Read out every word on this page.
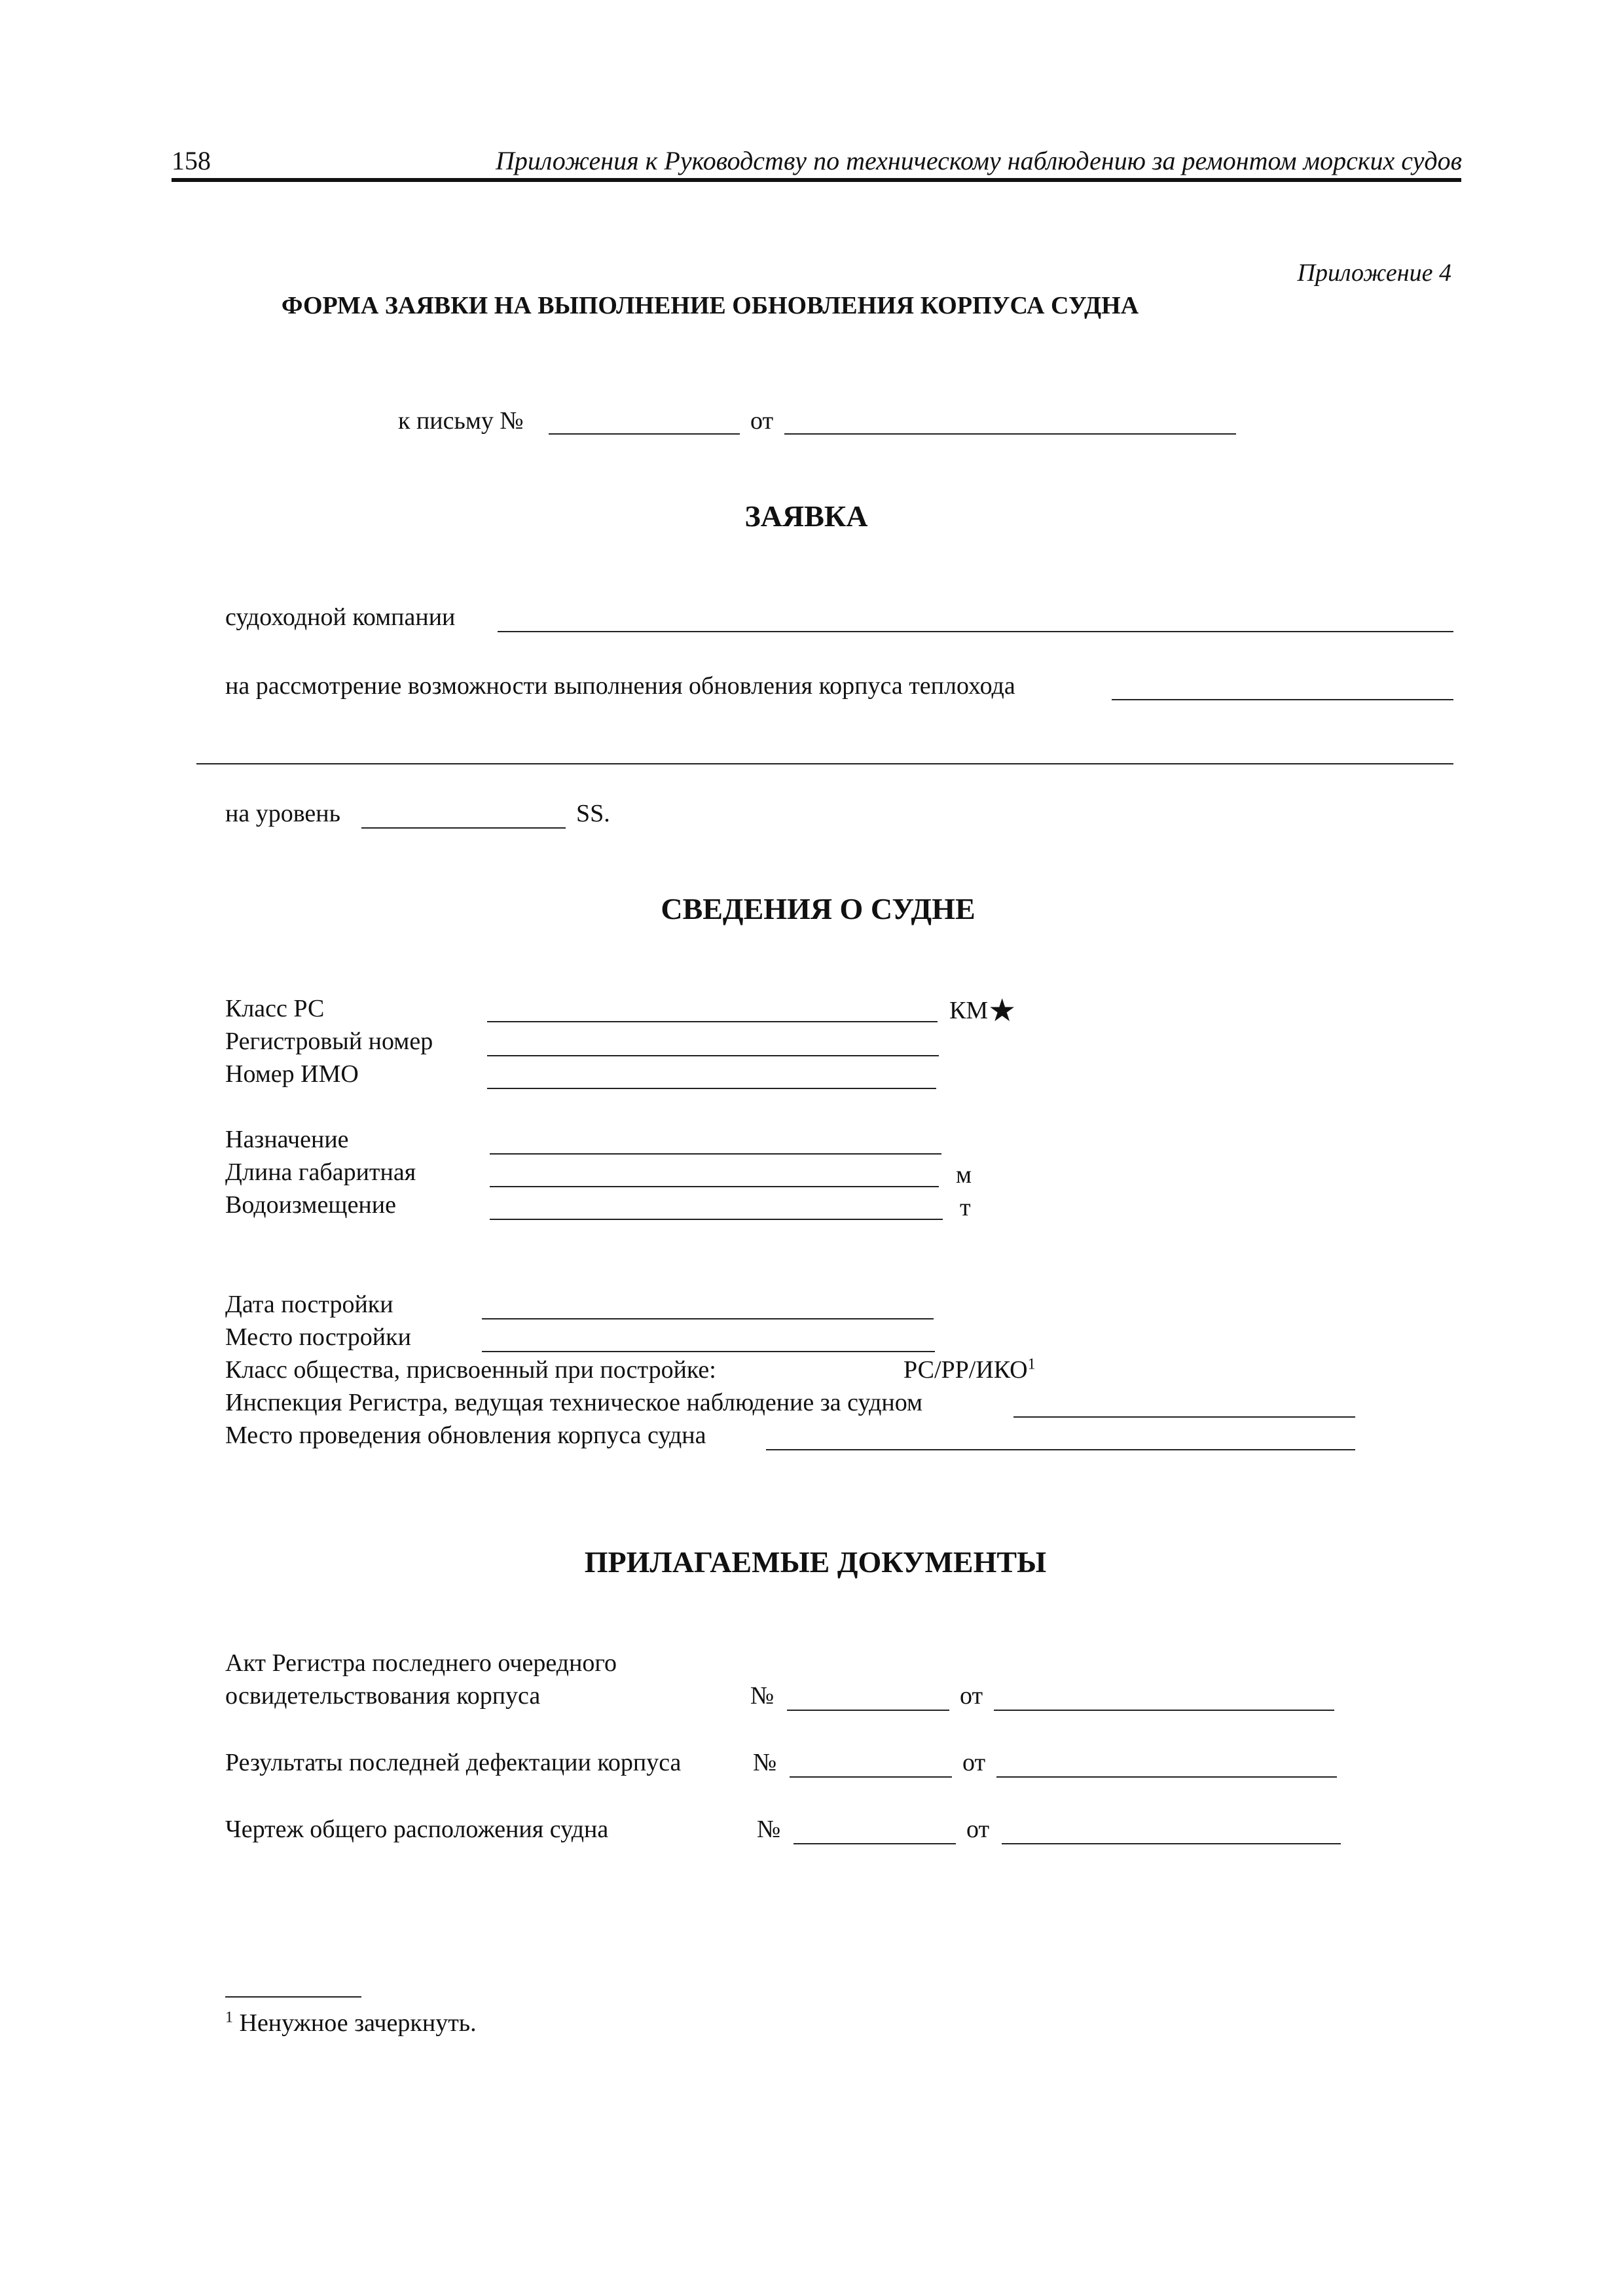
158	Приложения к Руководству по техническому наблюдению за ремонтом морских судов
Приложение 4
ФОРМА ЗАЯВКИ НА ВЫПОЛНЕНИЕ ОБНОВЛЕНИЯ КОРПУСА СУДНА
к письму №	от
ЗАЯВКА
судоходной компании
на рассмотрение возможности выполнения обновления корпуса теплохода
на уровень	SS.
СВЕДЕНИЯ О СУДНЕ
Класс РС	КМ★
Регистровый номер
Номер ИМО
Назначение
Длина габаритная	м
Водоизмещение	т
Дата постройки
Место постройки
Класс общества, присвоенный при постройке:	РС/РР/ИКО$^1$
Инспекция Регистра, ведущая техническое наблюдение за судном
Место проведения обновления корпуса судна
ПРИЛАГАЕМЫЕ ДОКУМЕНТЫ
Акт Регистра последнего очередного
освидетельствования корпуса	№	от
Результаты последней дефектации корпуса	№	от
Чертеж общего расположения судна	№	от
$^1$ Ненужное зачеркнуть.
